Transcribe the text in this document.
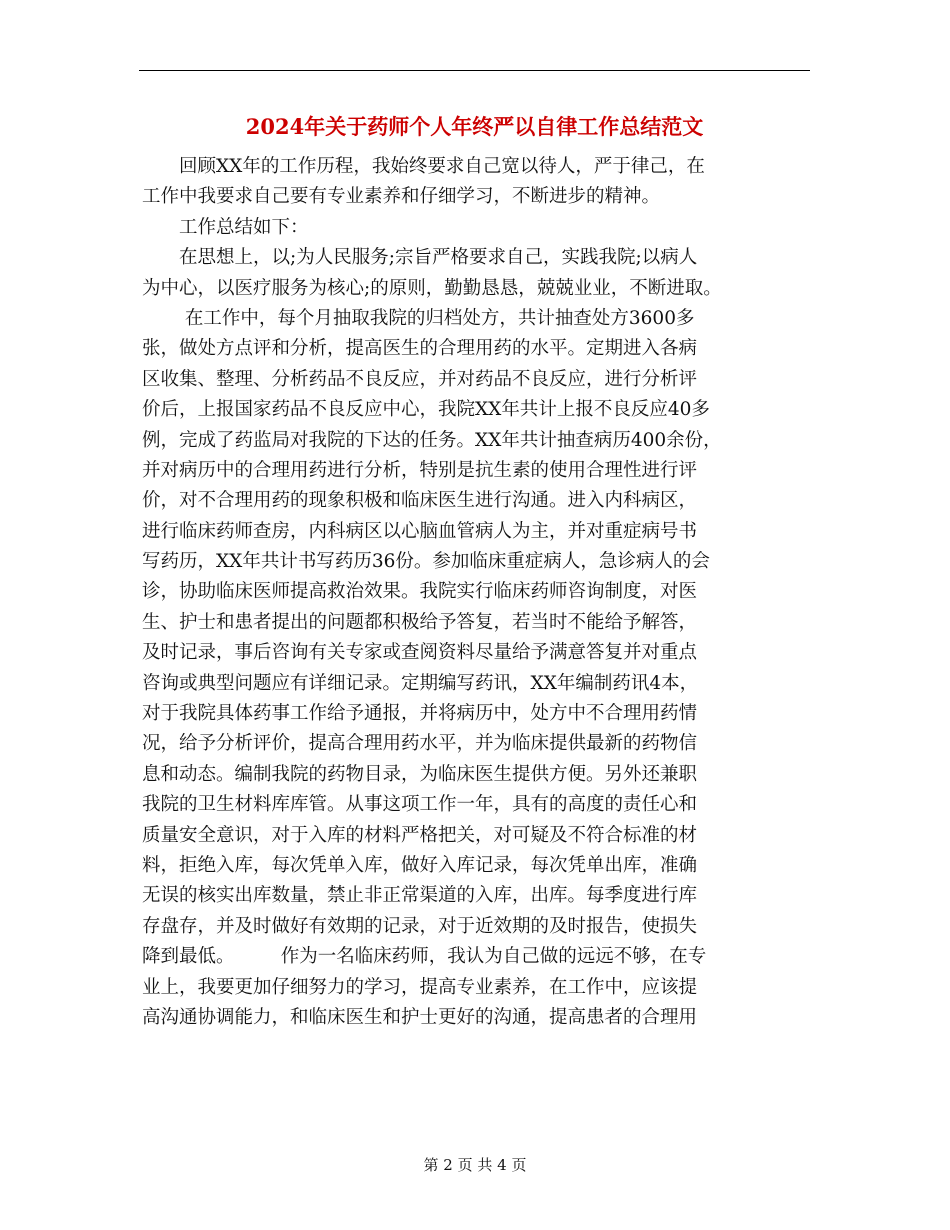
2024年关于药师个人年终严以自律工作总结范文
　　回顾XX年的工作历程，我始终要求自己宽以待人，严于律己，在
工作中我要求自己要有专业素养和仔细学习，不断进步的精神。
　　工作总结如下：
　　在思想上，以;为人民服务;宗旨严格要求自己，实践我院;以病人
为中心，以医疗服务为核心;的原则，勤勤恳恳，兢兢业业，不断进取。
　　 在工作中，每个月抽取我院的归档处方，共计抽查处方3600多
张，做处方点评和分析，提高医生的合理用药的水平。定期进入各病
区收集、整理、分析药品不良反应，并对药品不良反应，进行分析评
价后，上报国家药品不良反应中心，我院XX年共计上报不良反应40多
例，完成了药监局对我院的下达的任务。XX年共计抽查病历400余份，
并对病历中的合理用药进行分析，特别是抗生素的使用合理性进行评
价，对不合理用药的现象积极和临床医生进行沟通。进入内科病区，
进行临床药师查房，内科病区以心脑血管病人为主，并对重症病号书
写药历，XX年共计书写药历36份。参加临床重症病人，急诊病人的会
诊，协助临床医师提高救治效果。我院实行临床药师咨询制度，对医
生、护士和患者提出的问题都积极给予答复，若当时不能给予解答，
及时记录，事后咨询有关专家或查阅资料尽量给予满意答复并对重点
咨询或典型问题应有详细记录。定期编写药讯，XX年编制药讯4本，
对于我院具体药事工作给予通报，并将病历中，处方中不合理用药情
况，给予分析评价，提高合理用药水平，并为临床提供最新的药物信
息和动态。编制我院的药物目录，为临床医生提供方便。另外还兼职
我院的卫生材料库库管。从事这项工作一年，具有的高度的责任心和
质量安全意识，对于入库的材料严格把关，对可疑及不符合标准的材
料，拒绝入库，每次凭单入库，做好入库记录，每次凭单出库，准确
无误的核实出库数量，禁止非正常渠道的入库，出库。每季度进行库
存盘存，并及时做好有效期的记录，对于近效期的及时报告，使损失
降到最低。　　　作为一名临床药师，我认为自己做的远远不够，在专
业上，我要更加仔细努力的学习，提高专业素养，在工作中，应该提
高沟通协调能力，和临床医生和护士更好的沟通，提高患者的合理用
第 2 页 共 4 页
